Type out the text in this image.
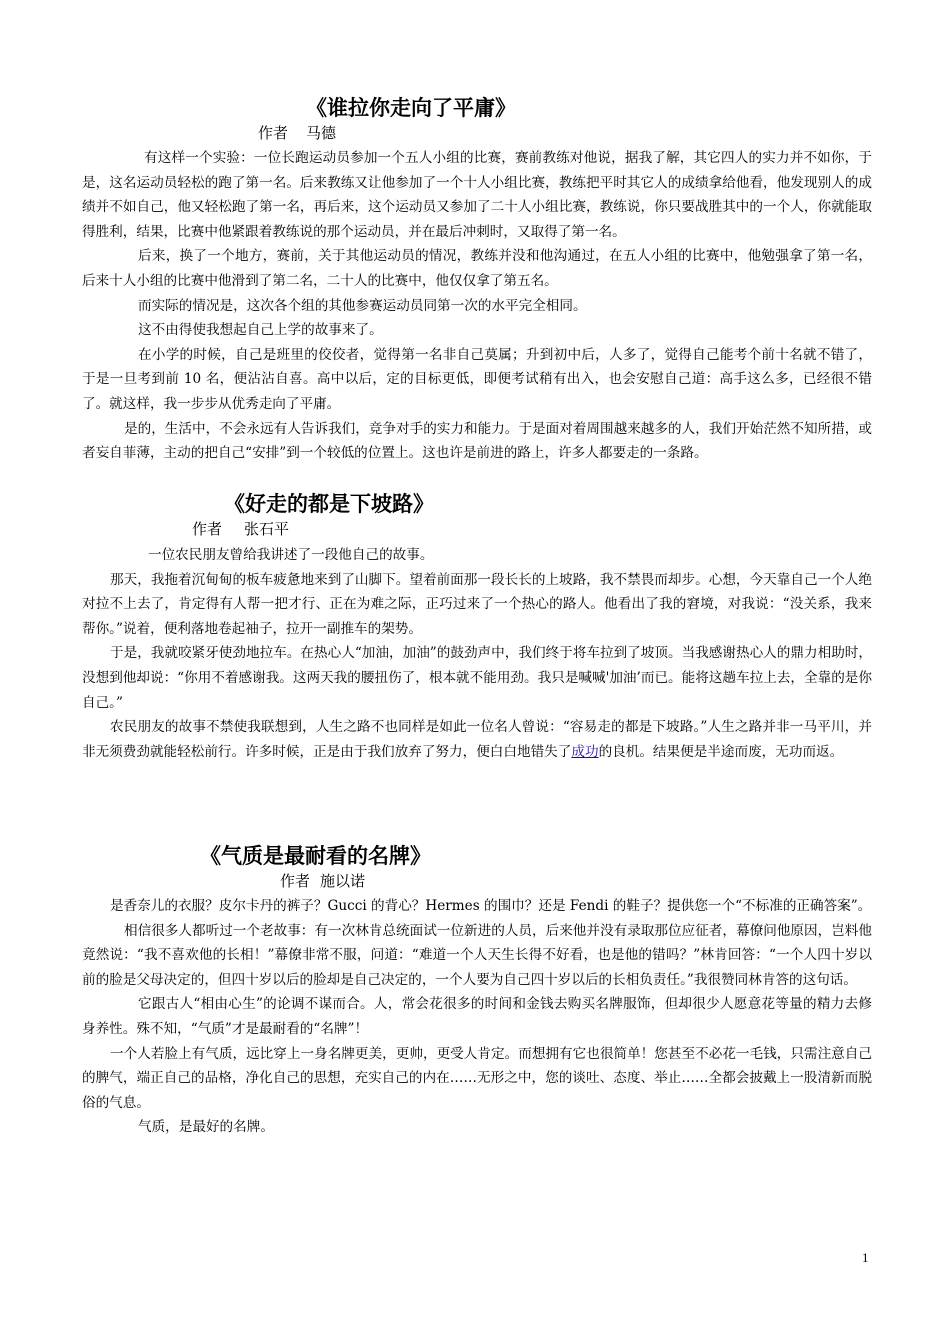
《谁拉你走向了平庸》
作者 马德

有这样一个实验：一位长跑运动员参加一个五人小组的比赛，赛前教练对他说，据我了解，其它四人的实力并不如你，于是，这名运动员轻松的跑了第一名。后来教练又让他参加了一个十人小组比赛，教练把平时其它人的成绩拿给他看，他发现别人的成绩并不如自己，他又轻松跑了第一名，再后来，这个运动员又参加了二十人小组比赛，教练说，你只要战胜其中的一个人，你就能取得胜利，结果，比赛中他紧跟着教练说的那个运动员，并在最后冲刺时，又取得了第一名。

后来，换了一个地方，赛前，关于其他运动员的情况，教练并没和他沟通过，在五人小组的比赛中，他勉强拿了第一名，后来十人小组的比赛中他滑到了第二名，二十人的比赛中，他仅仅拿了第五名。

而实际的情况是，这次各个组的其他参赛运动员同第一次的水平完全相同。

这不由得使我想起自己上学的故事来了。

在小学的时候，自己是班里的佼佼者，觉得第一名非自己莫属；升到初中后，人多了，觉得自己能考个前十名就不错了，于是一旦考到前 10 名，便沾沾自喜。高中以后，定的目标更低，即便考试稍有出入，也会安慰自己道：高手这么多，已经很不错了。就这样，我一步步从优秀走向了平庸。

是的，生活中，不会永远有人告诉我们，竞争对手的实力和能力。于是面对着周围越来越多的人，我们开始茫然不知所措，或者妄自菲薄，主动的把自己“安排”到一个较低的位置上。这也许是前进的路上，许多人都要走的一条路。

《好走的都是下坡路》
作者 张石平

一位农民朋友曾给我讲述了一段他自己的故事。

那天，我拖着沉甸甸的板车疲惫地来到了山脚下。望着前面那一段长长的上坡路，我不禁畏而却步。心想，今天靠自己一个人绝对拉不上去了，肯定得有人帮一把才行、正在为难之际，正巧过来了一个热心的路人。他看出了我的窘境，对我说：“没关系，我来帮你。”说着，便利落地卷起袖子，拉开一副推车的架势。

于是，我就咬紧牙使劲地拉车。在热心人“加油，加油”的鼓劲声中，我们终于将车拉到了坡顶。当我感谢热心人的鼎力相助时，没想到他却说：“你用不着感谢我。这两天我的腰扭伤了，根本就不能用劲。我只是喊喊'加油’而已。能将这趟车拉上去，全靠的是你自己。”

农民朋友的故事不禁使我联想到，人生之路不也同样是如此一位名人曾说：“容易走的都是下坡路。”人生之路并非一马平川，并非无须费劲就能轻松前行。许多时候，正是由于我们放弃了努力，便白白地错失了成功的良机。结果便是半途而废，无功而返。

《气质是最耐看的名牌》
作者 施以诺

是香奈儿的衣服？皮尔卡丹的裤子？Gucci 的背心？Hermes 的围巾？还是 Fendi 的鞋子？提供您一个“不标准的正确答案”。

相信很多人都听过一个老故事：有一次林肯总统面试一位新进的人员，后来他并没有录取那位应征者，幕僚问他原因，岂料他竟然说：“我不喜欢他的长相！”幕僚非常不服，问道：“难道一个人天生长得不好看，也是他的错吗？”林肯回答：“一个人四十岁以前的脸是父母决定的，但四十岁以后的脸却是自己决定的，一个人要为自己四十岁以后的长相负责任。”我很赞同林肯答的这句话。

它跟古人“相由心生”的论调不谋而合。人，常会花很多的时间和金钱去购买名牌服饰，但却很少人愿意花等量的精力去修身养性。殊不知，“气质”才是最耐看的“名牌”！

一个人若脸上有气质，远比穿上一身名牌更美，更帅，更受人肯定。而想拥有它也很简单！您甚至不必花一毛钱，只需注意自己的脾气，端正自己的品格，净化自己的思想，充实自己的内在……无形之中，您的谈吐、态度、举止……全都会披戴上一股清新而脱俗的气息。

气质，是最好的名牌。

1
